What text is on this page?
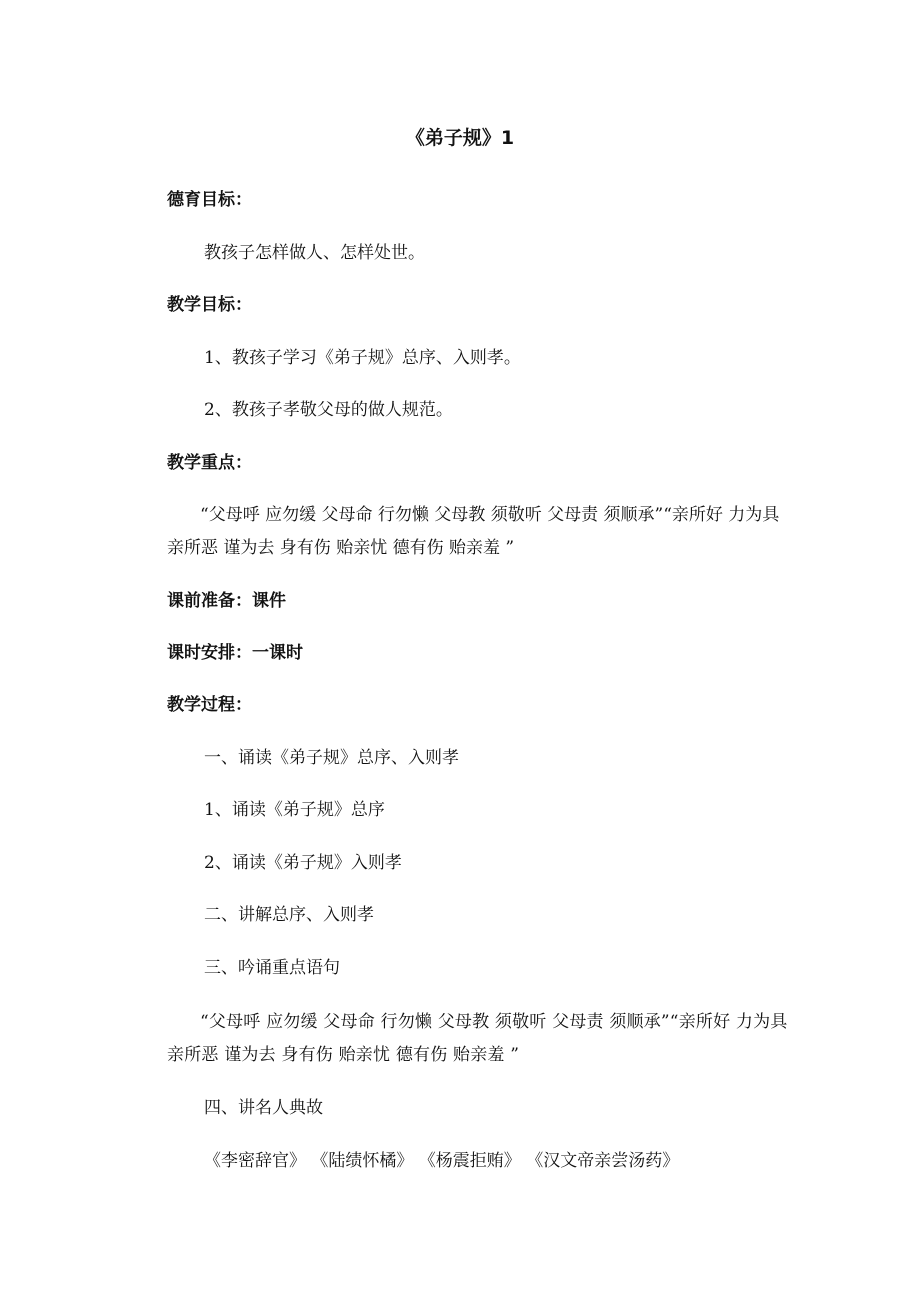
《弟子规》1
德育目标：
教孩子怎样做人、怎样处世。
教学目标：
1、教孩子学习《弟子规》总序、入则孝。
2、教孩子孝敬父母的做人规范。
教学重点：
“父母呼 应勿缓 父母命 行勿懒 父母教 须敬听 父母责 须顺承”“亲所好 力为具 亲所恶 谨为去 身有伤 贻亲忧 德有伤 贻亲羞 ”
课前准备：课件
课时安排：一课时
教学过程：
一、诵读《弟子规》总序、入则孝
1、诵读《弟子规》总序
2、诵读《弟子规》入则孝
二、讲解总序、入则孝
三、吟诵重点语句
“父母呼 应勿缓 父母命 行勿懒 父母教 须敬听 父母责 须顺承”“亲所好 力为具 亲所恶 谨为去 身有伤 贻亲忧 德有伤 贻亲羞 ”
四、讲名人典故
《李密辞官》 《陆绩怀橘》 《杨震拒贿》 《汉文帝亲尝汤药》
